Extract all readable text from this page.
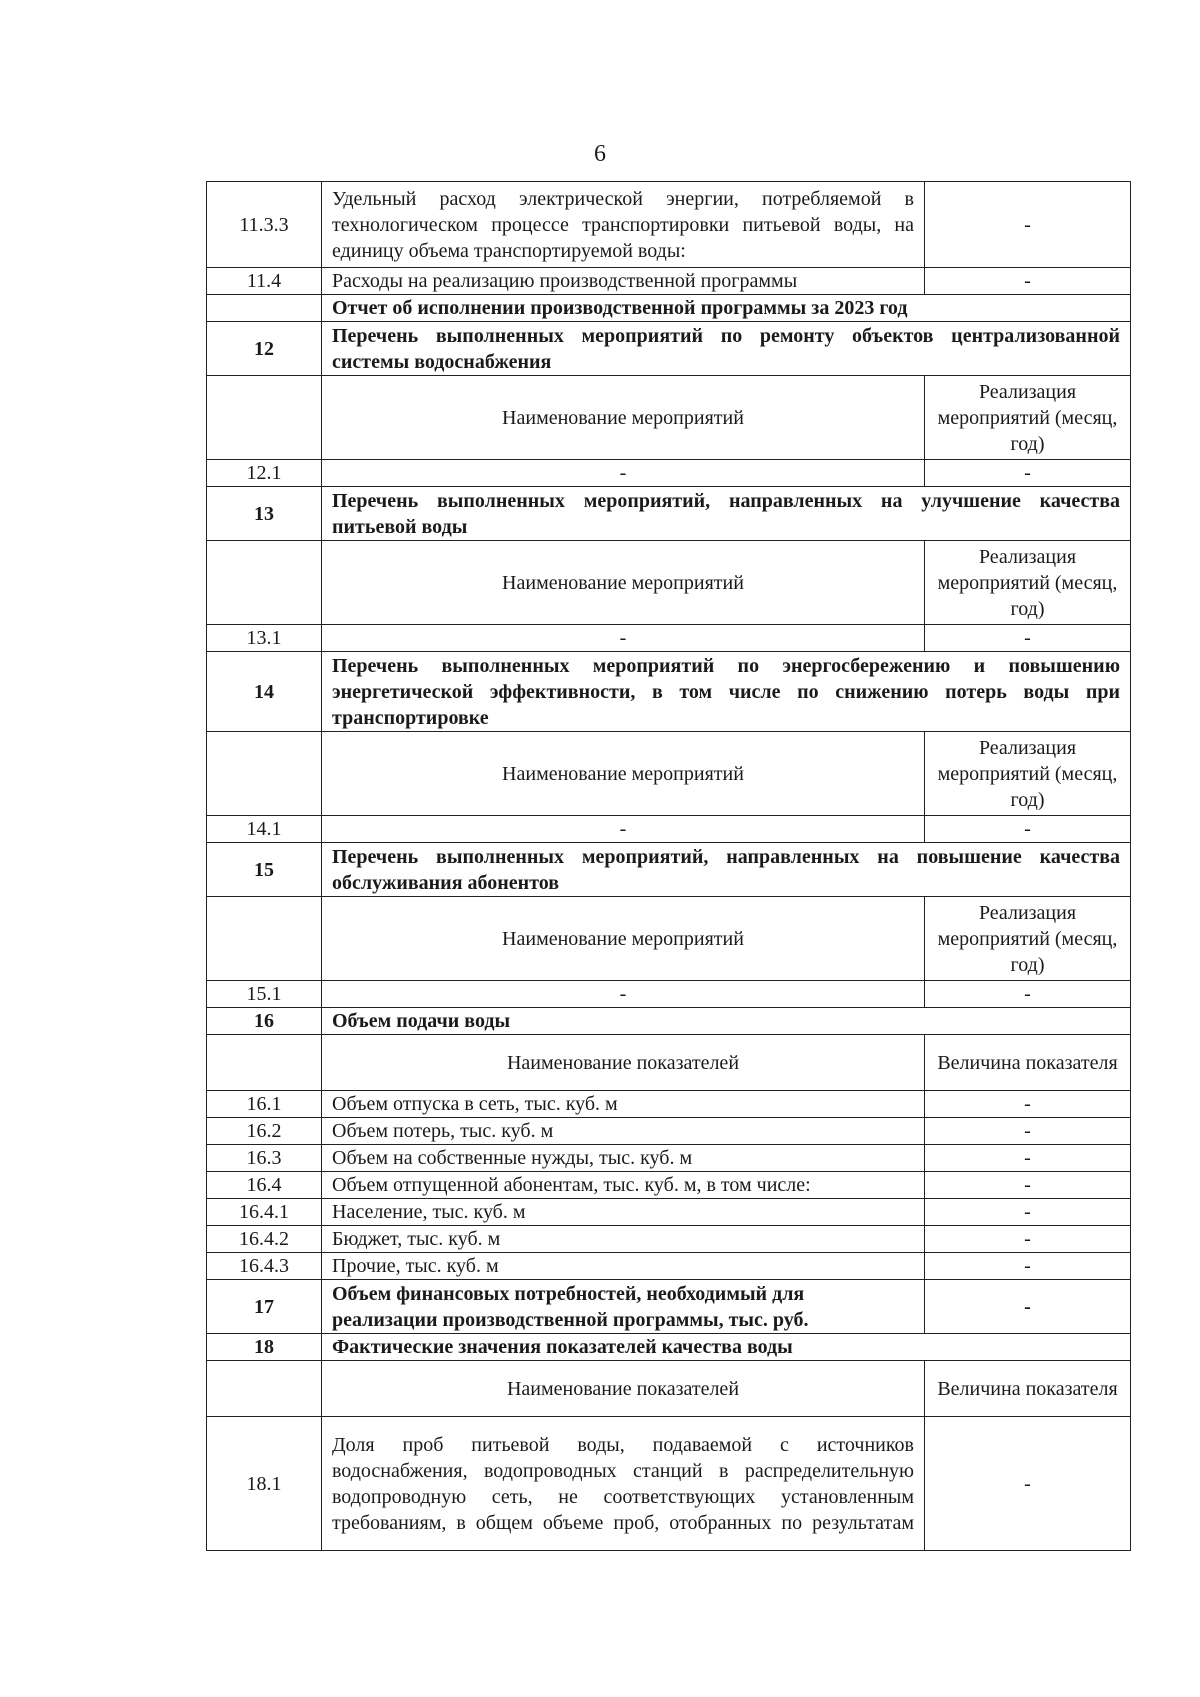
6
11.3.3	Удельный расход электрической энергии, потребляемой в технологическом процессе транспортировки питьевой воды, на единицу объема транспортируемой воды:	-
11.4	Расходы на реализацию производственной программы	-
	Отчет об исполнении производственной программы за 2023 год	
12	Перечень выполненных мероприятий по ремонту объектов централизованной системы водоснабжения	
	Наименование мероприятий	Реализация мероприятий (месяц, год)
12.1	-	-
13	Перечень выполненных мероприятий, направленных на улучшение качества питьевой воды	
	Наименование мероприятий	Реализация мероприятий (месяц, год)
13.1	-	-
14	Перечень выполненных мероприятий по энергосбережению и повышению энергетической эффективности, в том числе по снижению потерь воды при транспортировке	
	Наименование мероприятий	Реализация мероприятий (месяц, год)
14.1	-	-
15	Перечень выполненных мероприятий, направленных на повышение качества обслуживания абонентов	
	Наименование мероприятий	Реализация мероприятий (месяц, год)
15.1	-	-
16	Объем подачи воды	
	Наименование показателей	Величина показателя
16.1	Объем отпуска в сеть, тыс. куб. м	-
16.2	Объем потерь, тыс. куб. м	-
16.3	Объем на собственные нужды, тыс. куб. м	-
16.4	Объем отпущенной абонентам, тыс. куб. м, в том числе:	-
16.4.1	Население, тыс. куб. м	-
16.4.2	Бюджет, тыс. куб. м	-
16.4.3	Прочие, тыс. куб. м	-
17	Объем финансовых потребностей, необходимый для реализации производственной программы, тыс. руб.	-
18	Фактические значения показателей качества воды	
	Наименование показателей	Величина показателя
18.1	Доля проб питьевой воды, подаваемой с источников водоснабжения, водопроводных станций в распределительную водопроводную сеть, не соответствующих установленным требованиям, в общем объеме проб, отобранных по результатам	-
